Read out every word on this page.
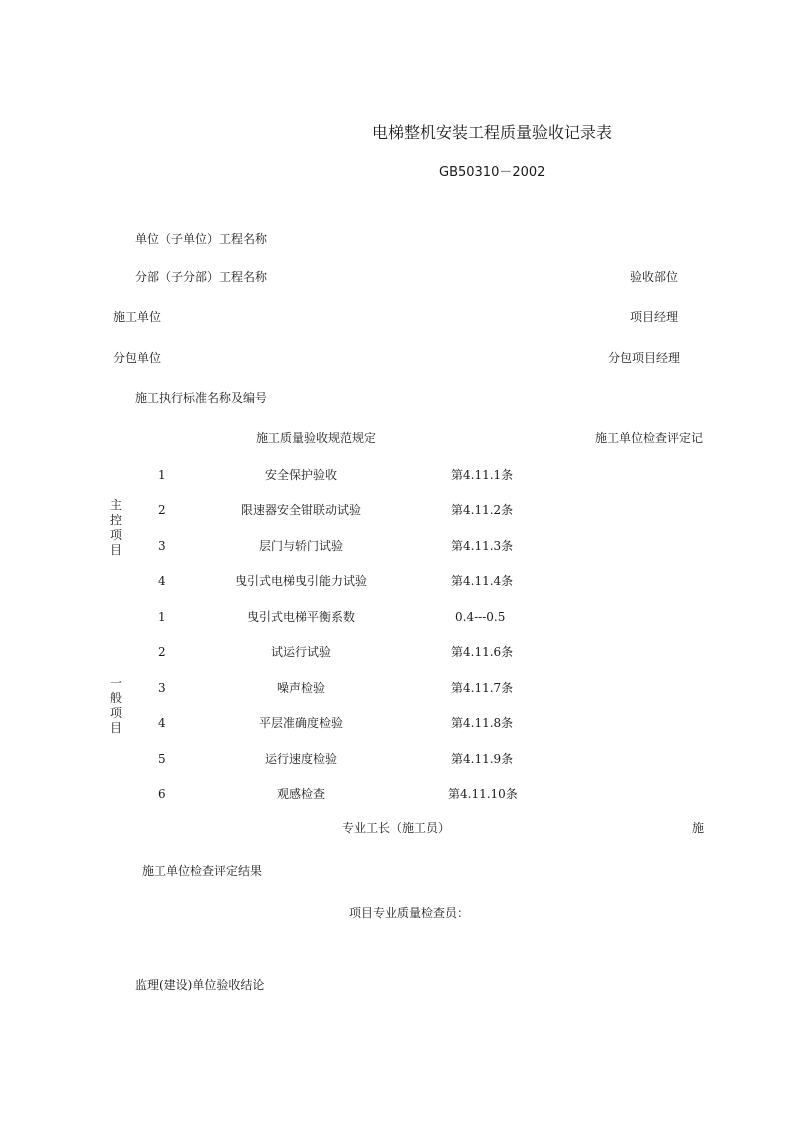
电梯整机安装工程质量验收记录表
GB50310－2002
单位（子单位）工程名称
分部（子分部）工程名称	验收部位
施工单位	项目经理
分包单位	分包项目经理
施工执行标准名称及编号
施工质量验收规范规定	施工单位检查评定记
主控项目
1	安全保护验收	第4.11.1条
2	限速器安全钳联动试验	第4.11.2条
3	层门与轿门试验	第4.11.3条
4	曳引式电梯曳引能力试验	第4.11.4条
一般项目
1	曳引式电梯平衡系数	0.4---0.5
2	试运行试验	第4.11.6条
3	噪声检验	第4.11.7条
4	平层准确度检验	第4.11.8条
5	运行速度检验	第4.11.9条
6	观感检查	第4.11.10条
专业工长（施工员）	施
施工单位检查评定结果
项目专业质量检查员：
监理(建设)单位验收结论
